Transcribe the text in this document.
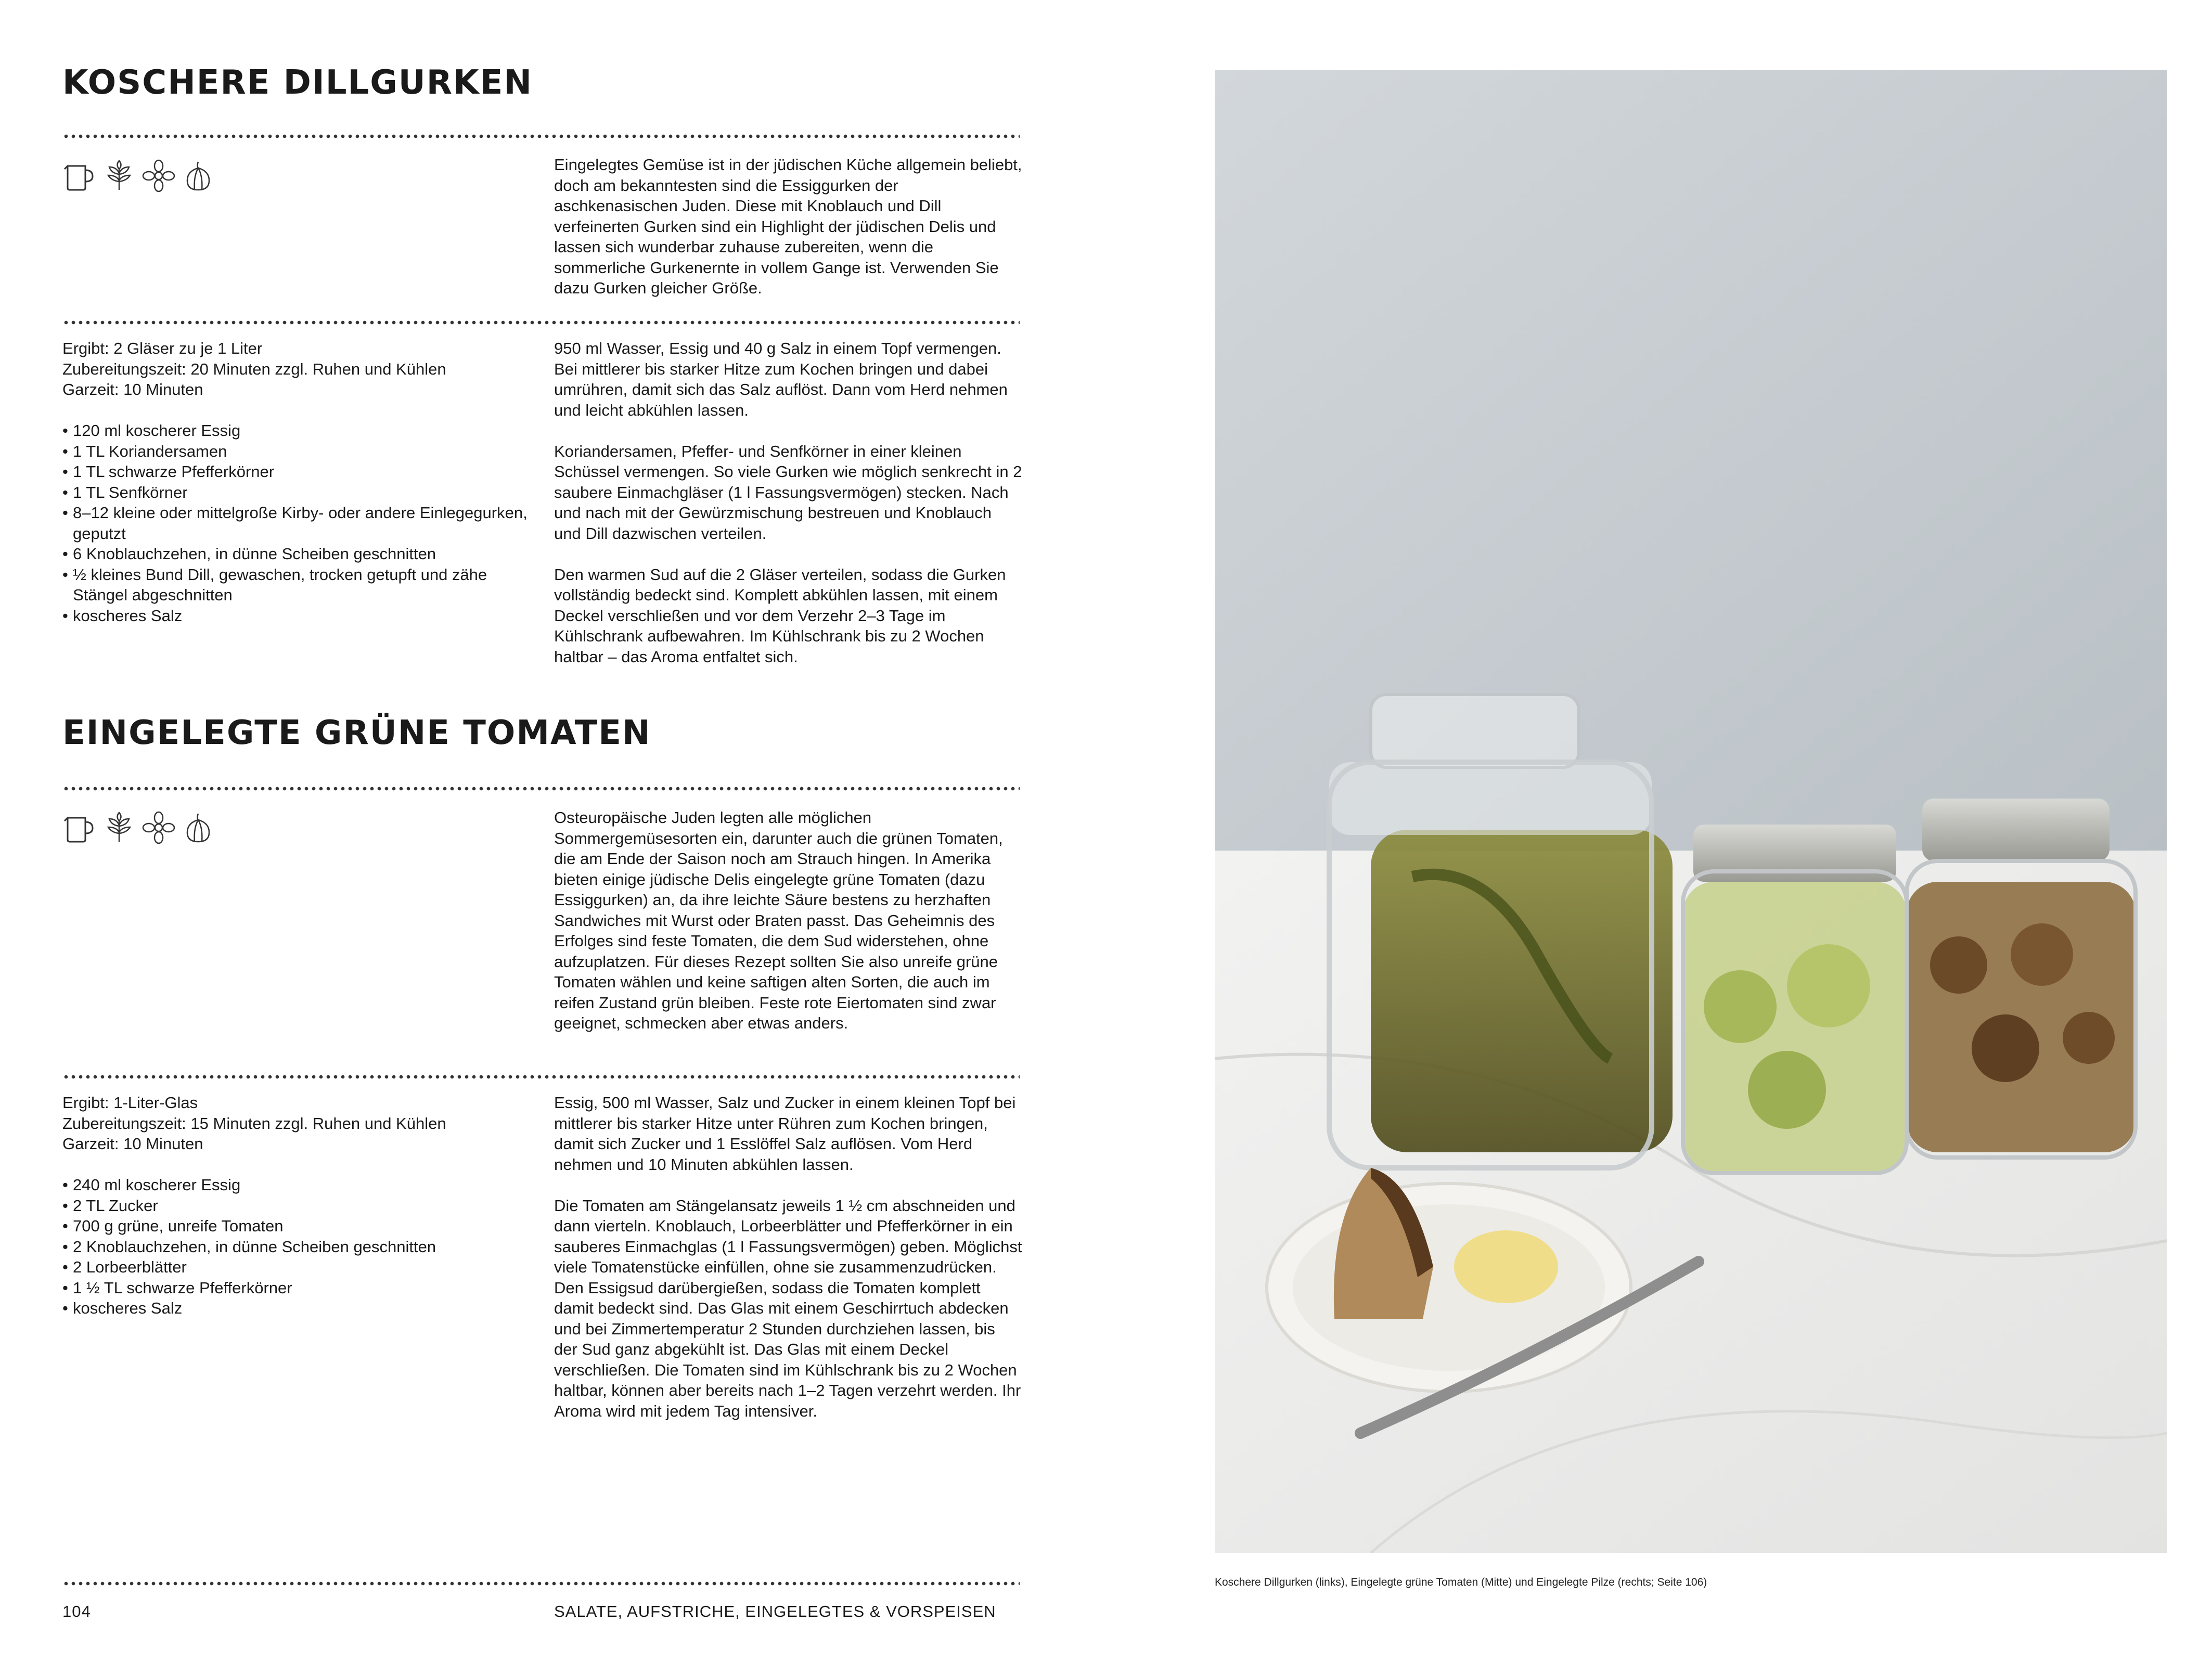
KOSCHERE DILLGURKEN
Eingelegtes Gemüse ist in der jüdischen Küche allgemein beliebt, doch am bekanntesten sind die Essiggurken der aschkenasischen Juden. Diese mit Knoblauch und Dill verfeinerten Gurken sind ein Highlight der jüdischen Delis und lassen sich wunderbar zuhause zubereiten, wenn die sommerliche Gurkenernte in vollem Gange ist. Verwenden Sie dazu Gurken gleicher Größe.
Ergibt: 2 Gläser zu je 1 Liter
Zubereitungszeit: 20 Minuten zzgl. Ruhen und Kühlen
Garzeit: 10 Minuten
• 120 ml koscherer Essig
• 1 TL Koriandersamen
• 1 TL schwarze Pfefferkörner
• 1 TL Senfkörner
• 8–12 kleine oder mittelgroße Kirby- oder andere Einlegegurken, geputzt
• 6 Knoblauchzehen, in dünne Scheiben geschnitten
• ½ kleines Bund Dill, gewaschen, trocken getupft und zähe Stängel abgeschnitten
• koscheres Salz

950 ml Wasser, Essig und 40 g Salz in einem Topf vermengen. Bei mittlerer bis starker Hitze zum Kochen bringen und dabei umrühren, damit sich das Salz auflöst. Dann vom Herd nehmen und leicht abkühlen lassen.

Koriandersamen, Pfeffer- und Senfkörner in einer kleinen Schüssel vermengen. So viele Gurken wie möglich senkrecht in 2 saubere Einmachgläser (1 l Fassungsvermögen) stecken. Nach und nach mit der Gewürzmischung bestreuen und Knoblauch und Dill dazwischen verteilen.

Den warmen Sud auf die 2 Gläser verteilen, sodass die Gurken vollständig bedeckt sind. Komplett abkühlen lassen, mit einem Deckel verschließen und vor dem Verzehr 2–3 Tage im Kühlschrank aufbewahren. Im Kühlschrank bis zu 2 Wochen haltbar – das Aroma entfaltet sich.

EINGELEGTE GRÜNE TOMATEN
Osteuropäische Juden legten alle möglichen Sommergemüsesorten ein, darunter auch die grünen Tomaten, die am Ende der Saison noch am Strauch hingen. In Amerika bieten einige jüdische Delis eingelegte grüne Tomaten (dazu Essiggurken) an, da ihre leichte Säure bestens zu herzhaften Sandwiches mit Wurst oder Braten passt. Das Geheimnis des Erfolges sind feste Tomaten, die dem Sud widerstehen, ohne aufzuplatzen. Für dieses Rezept sollten Sie also unreife grüne Tomaten wählen und keine saftigen alten Sorten, die auch im reifen Zustand grün bleiben. Feste rote Eiertomaten sind zwar geeignet, schmecken aber etwas anders.
Ergibt: 1-Liter-Glas
Zubereitungszeit: 15 Minuten zzgl. Ruhen und Kühlen
Garzeit: 10 Minuten
• 240 ml koscherer Essig
• 2 TL Zucker
• 700 g grüne, unreife Tomaten
• 2 Knoblauchzehen, in dünne Scheiben geschnitten
• 2 Lorbeerblätter
• 1 ½ TL schwarze Pfefferkörner
• koscheres Salz

Essig, 500 ml Wasser, Salz und Zucker in einem kleinen Topf bei mittlerer bis starker Hitze unter Rühren zum Kochen bringen, damit sich Zucker und 1 Esslöffel Salz auflösen. Vom Herd nehmen und 10 Minuten abkühlen lassen.

Die Tomaten am Stängelansatz jeweils 1 ½ cm abschneiden und dann vierteln. Knoblauch, Lorbeerblätter und Pfefferkörner in ein sauberes Einmachglas (1 l Fassungsvermögen) geben. Möglichst viele Tomatenstücke einfüllen, ohne sie zusammenzudrücken. Den Essigsud darübergießen, sodass die Tomaten komplett damit bedeckt sind. Das Glas mit einem Geschirrtuch abdecken und bei Zimmertemperatur 2 Stunden durchziehen lassen, bis der Sud ganz abgekühlt ist. Das Glas mit einem Deckel verschließen. Die Tomaten sind im Kühlschrank bis zu 2 Wochen haltbar, können aber bereits nach 1–2 Tagen verzehrt werden. Ihr Aroma wird mit jedem Tag intensiver.

104	SALATE, AUFSTRICHE, EINGELEGTES & VORSPEISEN
Koschere Dillgurken (links), Eingelegte grüne Tomaten (Mitte) und Eingelegte Pilze (rechts; Seite 106)
